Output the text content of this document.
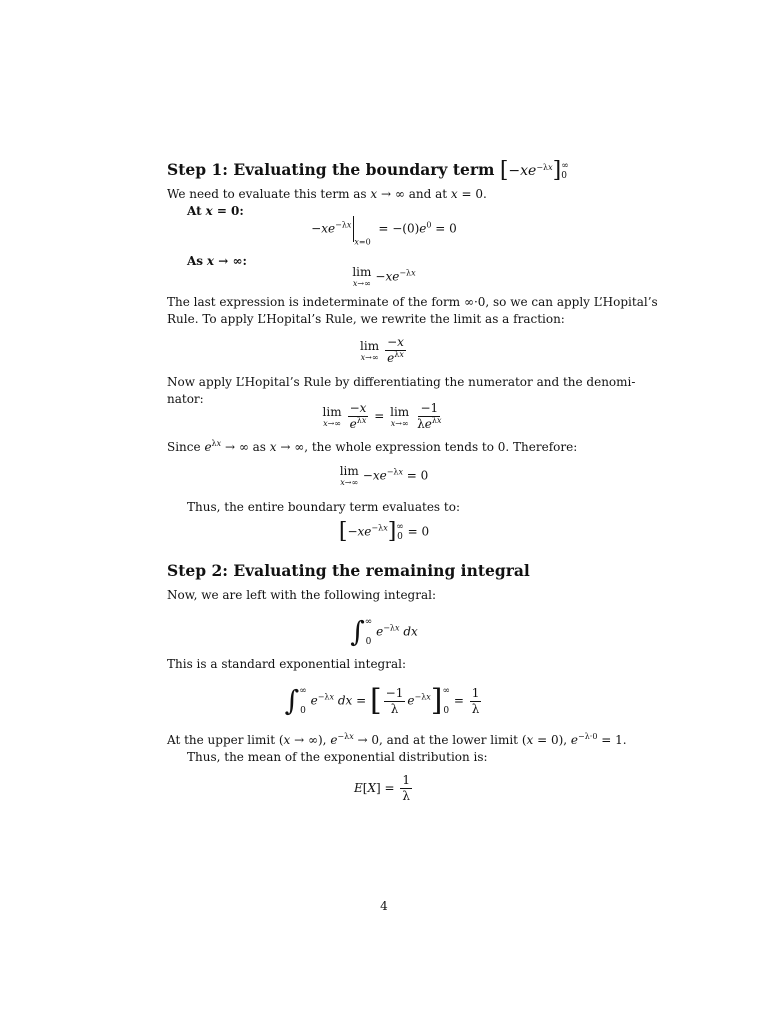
Step 1: Evaluating the boundary term $[-xe^{-\lambda x}]$ ∞
0
We need to evaluate this term as x → ∞ and at x = 0.
At x = 0:
$-xe^{-\lambda x}_{x=0} = -(0)e^0 = 0$
As x → ∞:
lim
$x\to\infty -xe^{-\lambda x}$
The last expression is indeterminate of the form ∞·0, so we can apply L’Hopital’s
Rule. To apply L’Hopital’s Rule, we rewrite the limit as a fraction:
lim
$x\to\infty \frac{-x}{e^{\lambda x}}$
Now apply L’Hopital’s Rule by differentiating the numerator and the denomi-
nator:
lim
$x\to\infty \frac{-x}{e^{\lambda x}} = \lim$
$x\to\infty \frac{-1}{\lambda e^{\lambda x}}$
Since $e^{\lambda x}$ → ∞ as x → ∞, the whole expression tends to 0. Therefore:
lim
$x\to\infty -xe^{-\lambda x} = 0$
Thus, the entire boundary term evaluates to:
$[-xe^{-\lambda x}]$ ∞
0 = 0
Step 2: Evaluating the remaining integral
Now, we are left with the following integral:
∫ ∞
0
$e^{-\lambda x}$ dx
This is a standard exponential integral:
∫ ∞
0
$e^{-\lambda x}$ dx = [ $\frac{-1}{\lambda} e^{-\lambda x}$] ∞
0
= $\frac{1}{\lambda}$
At the upper limit (x → ∞), $e^{-\lambda x} \to 0$, and at the lower limit (x = 0), $e^{-\lambda\cdot 0} = 1$.
Thus, the mean of the exponential distribution is:
$E[X] = \frac{1}{\lambda}$
4
